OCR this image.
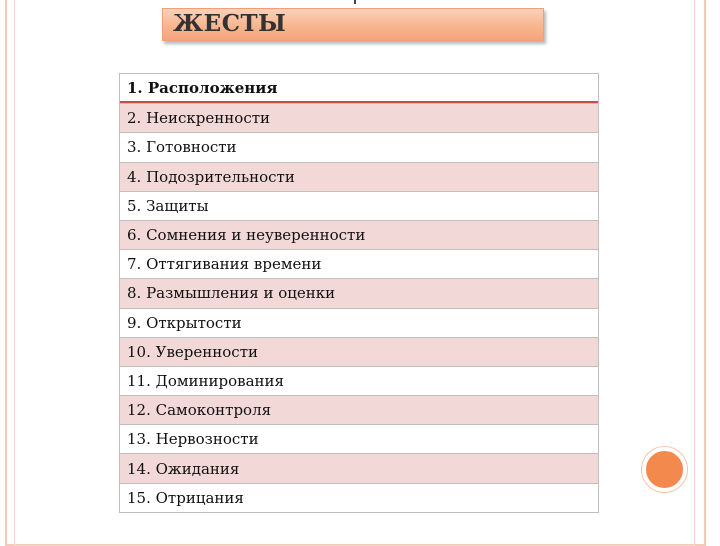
ЖЕСТЫ
1. Расположения
2. Неискренности
3. Готовности
4. Подозрительности
5. Защиты
6. Сомнения и неуверенности
7. Оттягивания времени
8. Размышления и оценки
9. Открытости
10. Уверенности
11. Доминирования
12. Самоконтроля
13. Нервозности
14. Ожидания
15. Отрицания
